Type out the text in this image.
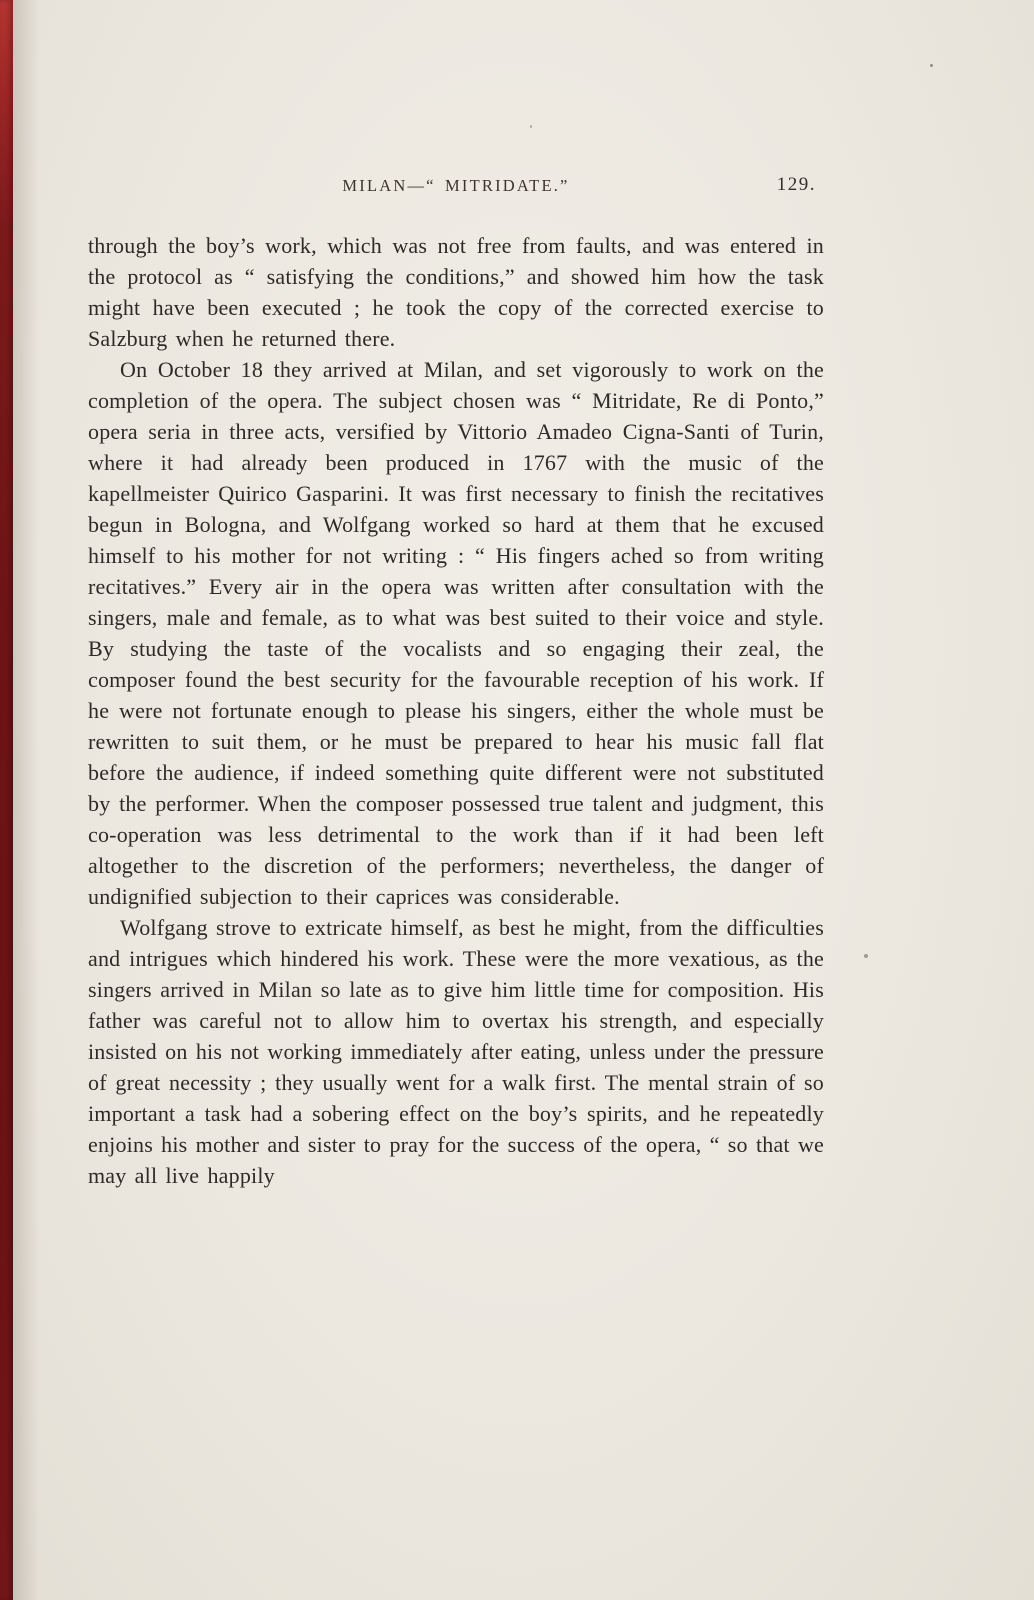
MILAN—“ MITRIDATE.”	129.

through the boy’s work, which was not free from faults, and was entered in the protocol as “ satisfying the conditions,” and showed him how the task might have been executed ; he took the copy of the corrected exercise to Salzburg when he returned there.

On October 18 they arrived at Milan, and set vigorously to work on the completion of the opera. The subject chosen was “ Mitridate, Re di Ponto,” opera seria in three acts, versified by Vittorio Amadeo Cigna-Santi of Turin, where it had already been produced in 1767 with the music of the kapellmeister Quirico Gasparini. It was first necessary to finish the recitatives begun in Bologna, and Wolfgang worked so hard at them that he excused himself to his mother for not writing : “ His fingers ached so from writing recitatives.” Every air in the opera was written after consultation with the singers, male and female, as to what was best suited to their voice and style. By studying the taste of the vocalists and so engaging their zeal, the composer found the best security for the favourable reception of his work. If he were not fortunate enough to please his singers, either the whole must be rewritten to suit them, or he must be prepared to hear his music fall flat before the audience, if indeed something quite different were not substituted by the performer. When the composer possessed true talent and judgment, this co-operation was less detrimental to the work than if it had been left altogether to the discretion of the performers; nevertheless, the danger of undignified subjection to their caprices was considerable.

Wolfgang strove to extricate himself, as best he might, from the difficulties and intrigues which hindered his work. These were the more vexatious, as the singers arrived in Milan so late as to give him little time for composition. His father was careful not to allow him to overtax his strength, and especially insisted on his not working immediately after eating, unless under the pressure of great necessity ; they usually went for a walk first. The mental strain of so important a task had a sobering effect on the boy’s spirits, and he repeatedly enjoins his mother and sister to pray for the success of the opera, “ so that we may all live happily
